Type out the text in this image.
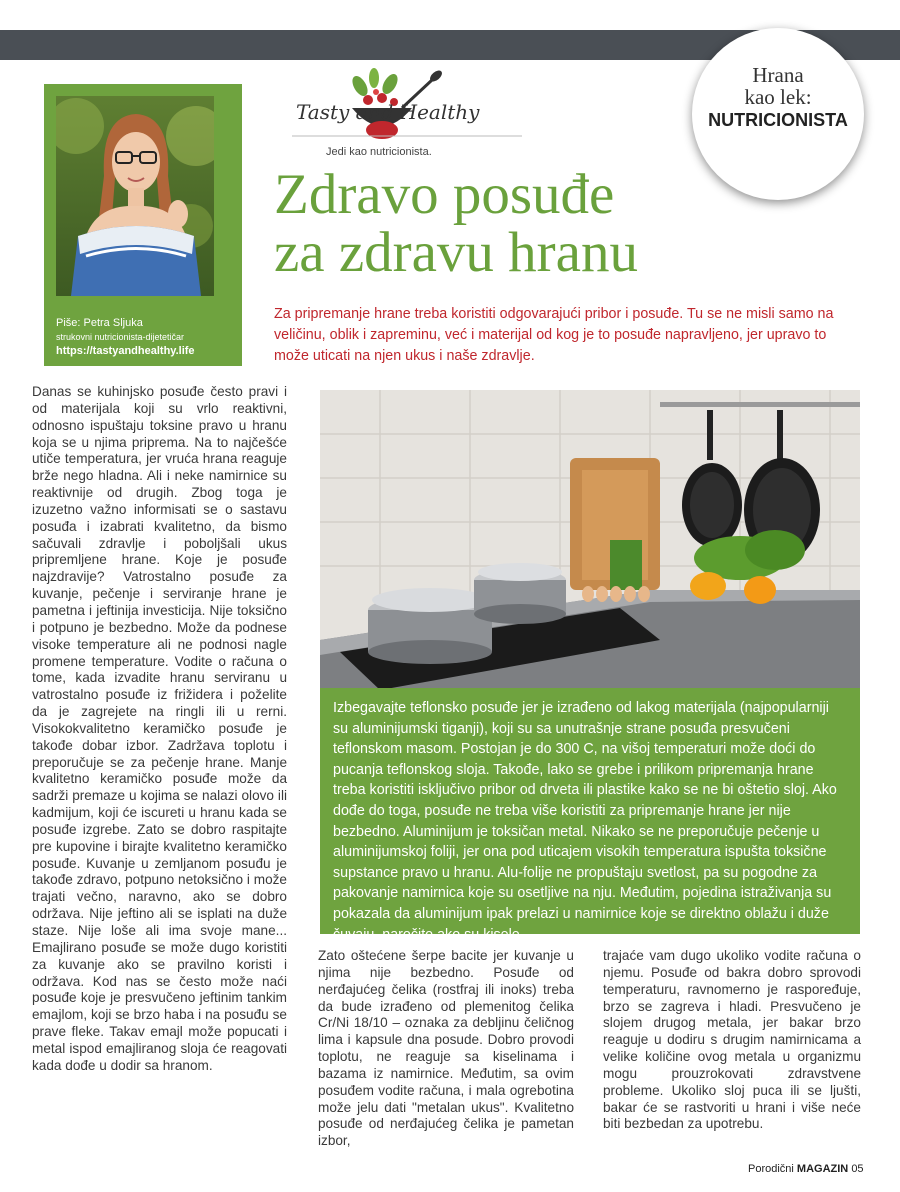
Hrana
kao lek:
NUTRICIONISTA
Piše: Petra Sljuka
strukovni nutricionista-dijetetičar
https://tastyandhealthy.life
Tasty and Healthy
Jedi kao nutricionista.
Zdravo posuđe
za zdravu hranu
Za pripremanje hrane treba koristiti odgovarajući pribor i posuđe. Tu se ne misli samo na veličinu, oblik i zapreminu, već i materijal od kog je to posuđe napravljeno, jer upravo to može uticati na njen ukus i naše zdravlje.
Danas se kuhinjsko posuđe često pravi i od materijala koji su vrlo reaktivni, odnosno ispuštaju toksine pravo u hranu koja se u njima priprema. Na to najčešće utiče temperatura, jer vruća hrana reaguje brže nego hladna. Ali i neke namirnice su reaktivnije od drugih. Zbog toga je izuzetno važno informisati se o sastavu posuđa i izabrati kvalitetno, da bismo sačuvali zdravlje i poboljšali ukus pripremljene hrane. Koje je posuđe najzdravije? Vatrostalno posuđe za kuvanje, pečenje i serviranje hrane je pametna i jeftinija investicija. Nije toksično i potpuno je bezbedno. Može da podnese visoke temperature ali ne podnosi nagle promene temperature. Vodite o računa o tome, kada izvadite hranu serviranu u vatrostalno posuđe iz frižidera i poželite da je zagrejete na ringli ili u rerni. Visokokvalitetno keramičko posuđe je takođe dobar izbor. Zadržava toplotu i preporučuje se za pečenje hrane. Manje kvalitetno keramičko posuđe može da sadrži premaze u kojima se nalazi olovo ili kadmijum, koji će iscureti u hranu kada se posuđe izgrebe. Zato se dobro raspitajte pre kupovine i birajte kvalitetno keramičko posuđe. Kuvanje u zemljanom posuđu je takođe zdravo, potpuno netoksično i može trajati večno, naravno, ako se dobro održava. Nije jeftino ali se isplati na duže staze. Nije loše ali ima svoje mane... Emajlirano posuđe se može dugo koristiti za kuvanje ako se pravilno koristi i održava. Kod nas se često može naći posuđe koje je presvučeno jeftinim tankim emajlom, koji se brzo haba i na posuđu se prave fleke. Takav emajl može popucati i metal ispod emajliranog sloja će reagovati kada dođe u dodir sa hranom.
Izbegavajte teflonsko posuđe jer je izrađeno od lakog materijala (najpopularniji su aluminijumski tiganji), koji su sa unutrašnje strane posuđa presvučeni teflonskom masom. Postojan je do 300 C, na višoj temperaturi može doći do pucanja teflonskog sloja. Takođe, lako se grebe i prilikom pripremanja hrane treba koristiti isključivo pribor od drveta ili plastike kako se ne bi oštetio sloj. Ako dođe do toga, posuđe ne treba više koristiti za pripremanje hrane jer nije bezbedno. Aluminijum je toksičan metal. Nikako se ne preporučuje pečenje u aluminijumskoj foliji, jer ona pod uticajem visokih temperatura ispušta toksične supstance pravo u hranu. Alu-folije ne propuštaju svetlost, pa su pogodne za pakovanje namirnica koje su osetljive na nju. Međutim, pojedina istraživanja su pokazala da aluminijum ipak prelazi u namirnice koje se direktno oblažu i duže čuvaju, naročito ako su kisele.
Zato oštećene šerpe bacite jer kuvanje u njima nije bezbedno. Posuđe od nerđajućeg čelika (rostfraj ili inoks) treba da bude izrađeno od plemenitog čelika Cr/Ni 18/10 – oznaka za debljinu čeličnog lima i kapsule dna posude. Dobro provodi toplotu, ne reaguje sa kiselinama i bazama iz namirnice. Međutim, sa ovim posuđem vodite računa, i mala ogrebotina može jelu dati "metalan ukus". Kvalitetno posuđe od nerđajućeg čelika je pametan izbor,
trajaće vam dugo ukoliko vodite računa o njemu. Posuđe od bakra dobro sprovodi temperaturu, ravnomerno je raspoređuje, brzo se zagreva i hladi. Presvučeno je slojem drugog metala, jer bakar brzo reaguje u dodiru s drugim namirnicama a velike količine ovog metala u organizmu mogu prouzrokovati zdravstvene probleme. Ukoliko sloj puca ili se ljušti, bakar će se rastvoriti u hrani i više neće biti bezbedan za upotrebu.
Porodični MAGAZIN 05
